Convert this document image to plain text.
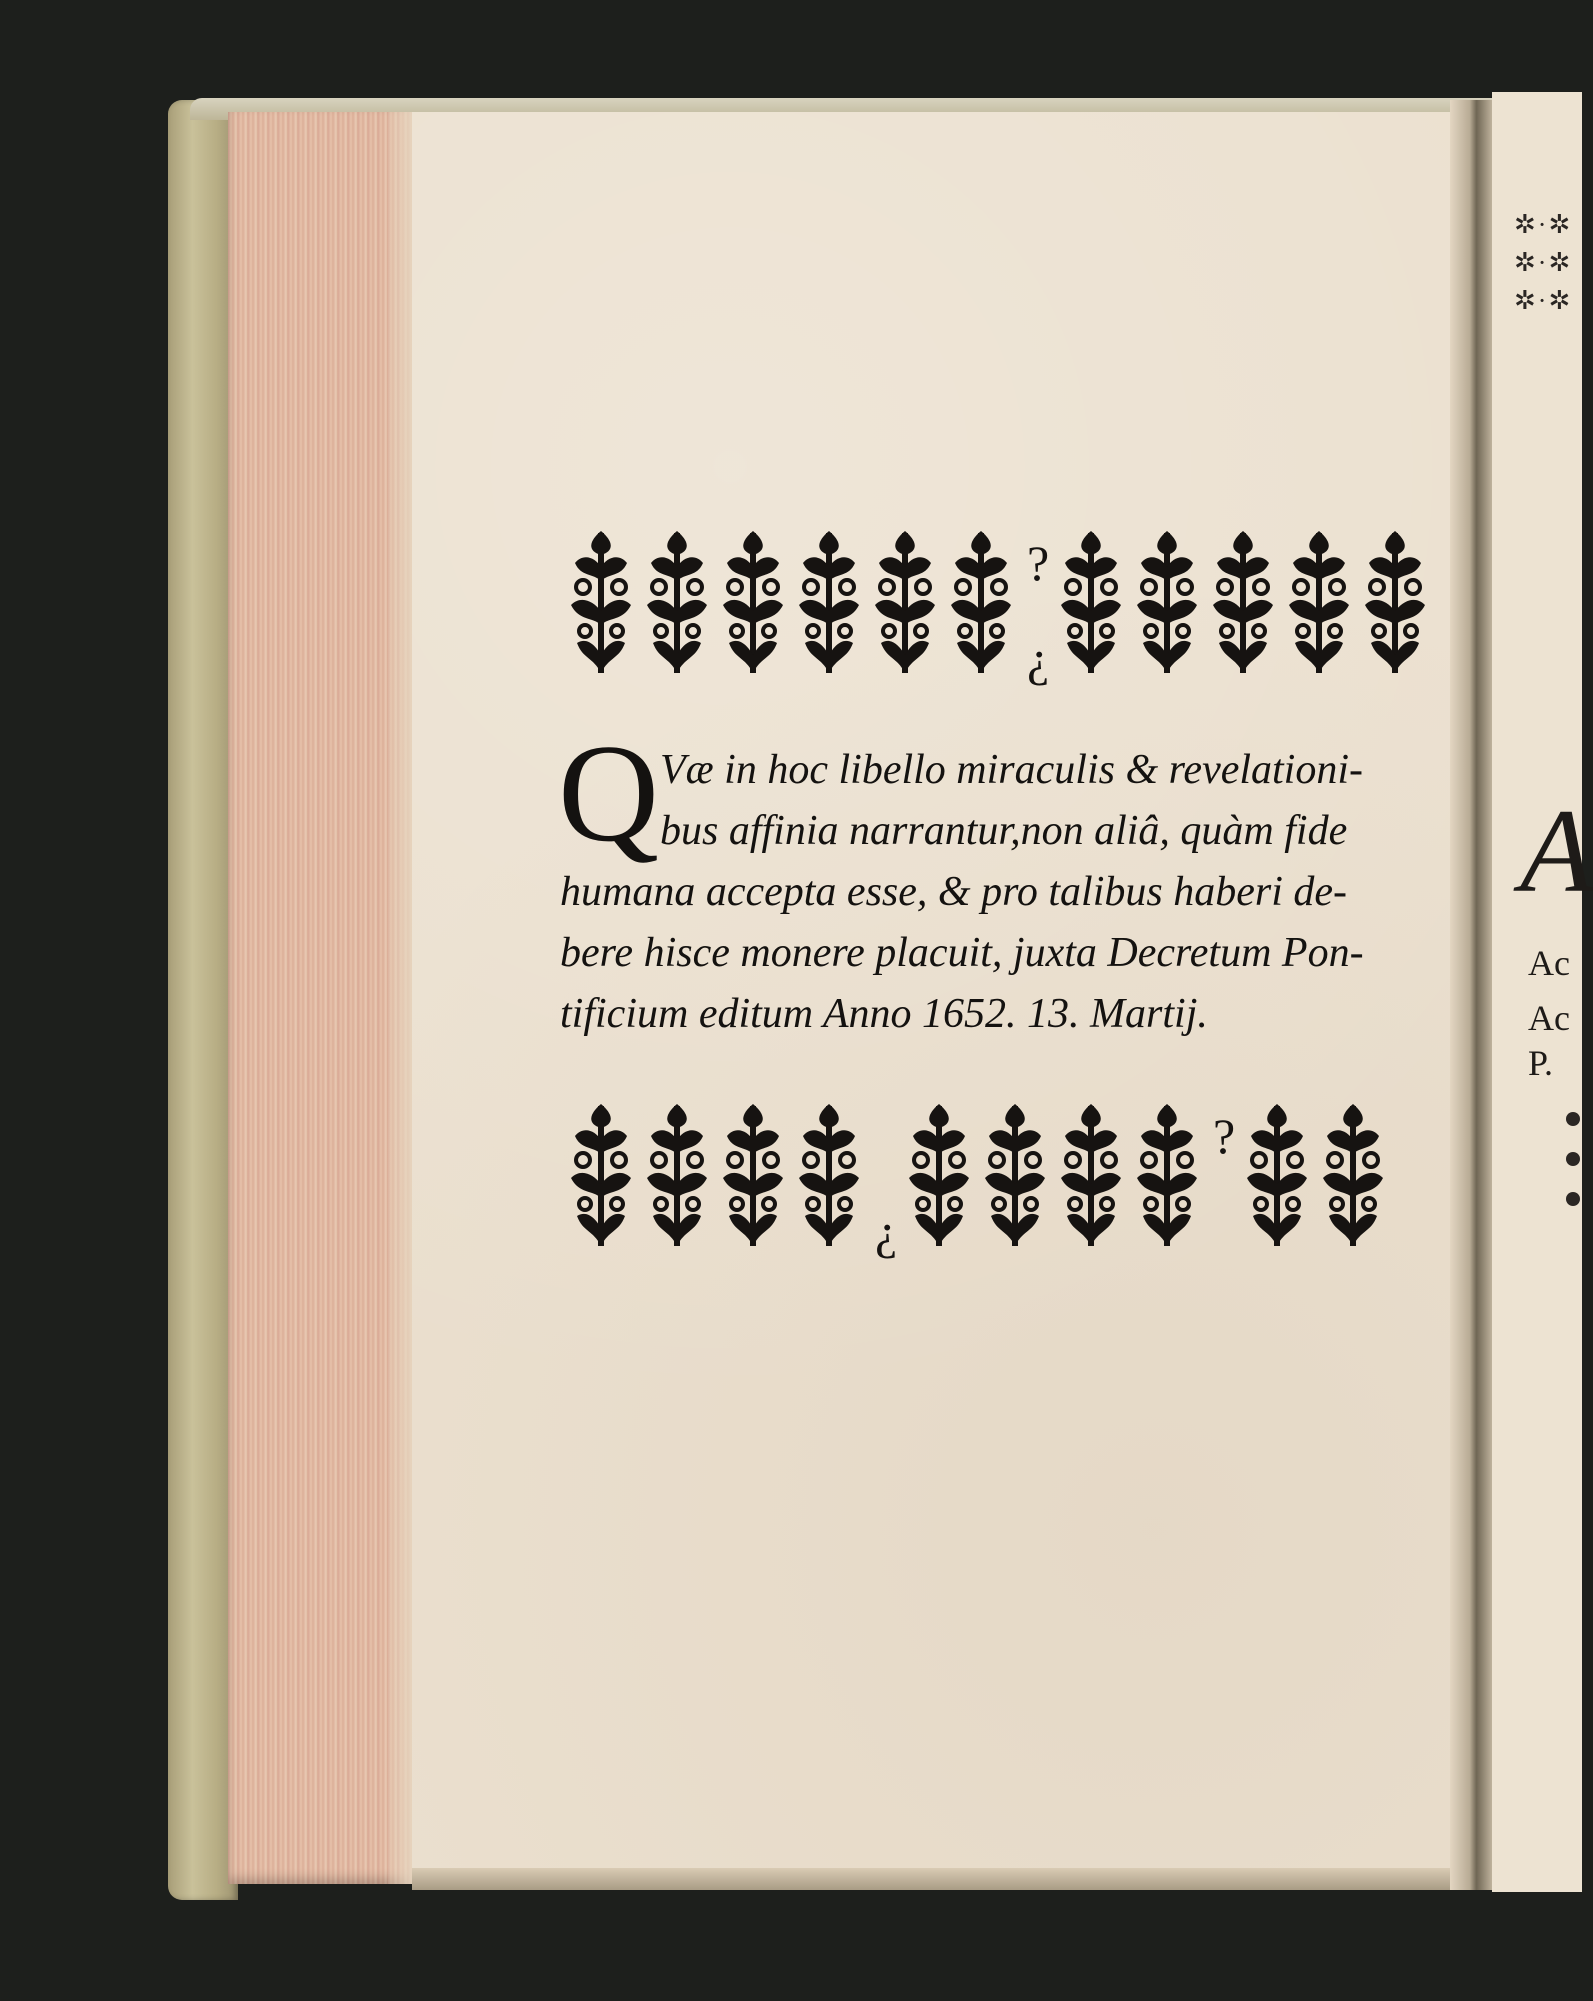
✲·✲
✲·✲
✲·✲
A
Ac
Ac
P.
?
¿
Q Væ in hoc libello miraculis & revelationi-
bus affinia narrantur,non aliâ, quàm fide
humana accepta esse, & pro talibus haberi de-
bere hisce monere placuit, juxta Decretum Pon-
tificium editum Anno 1652. 13. Martij.
¿
?
